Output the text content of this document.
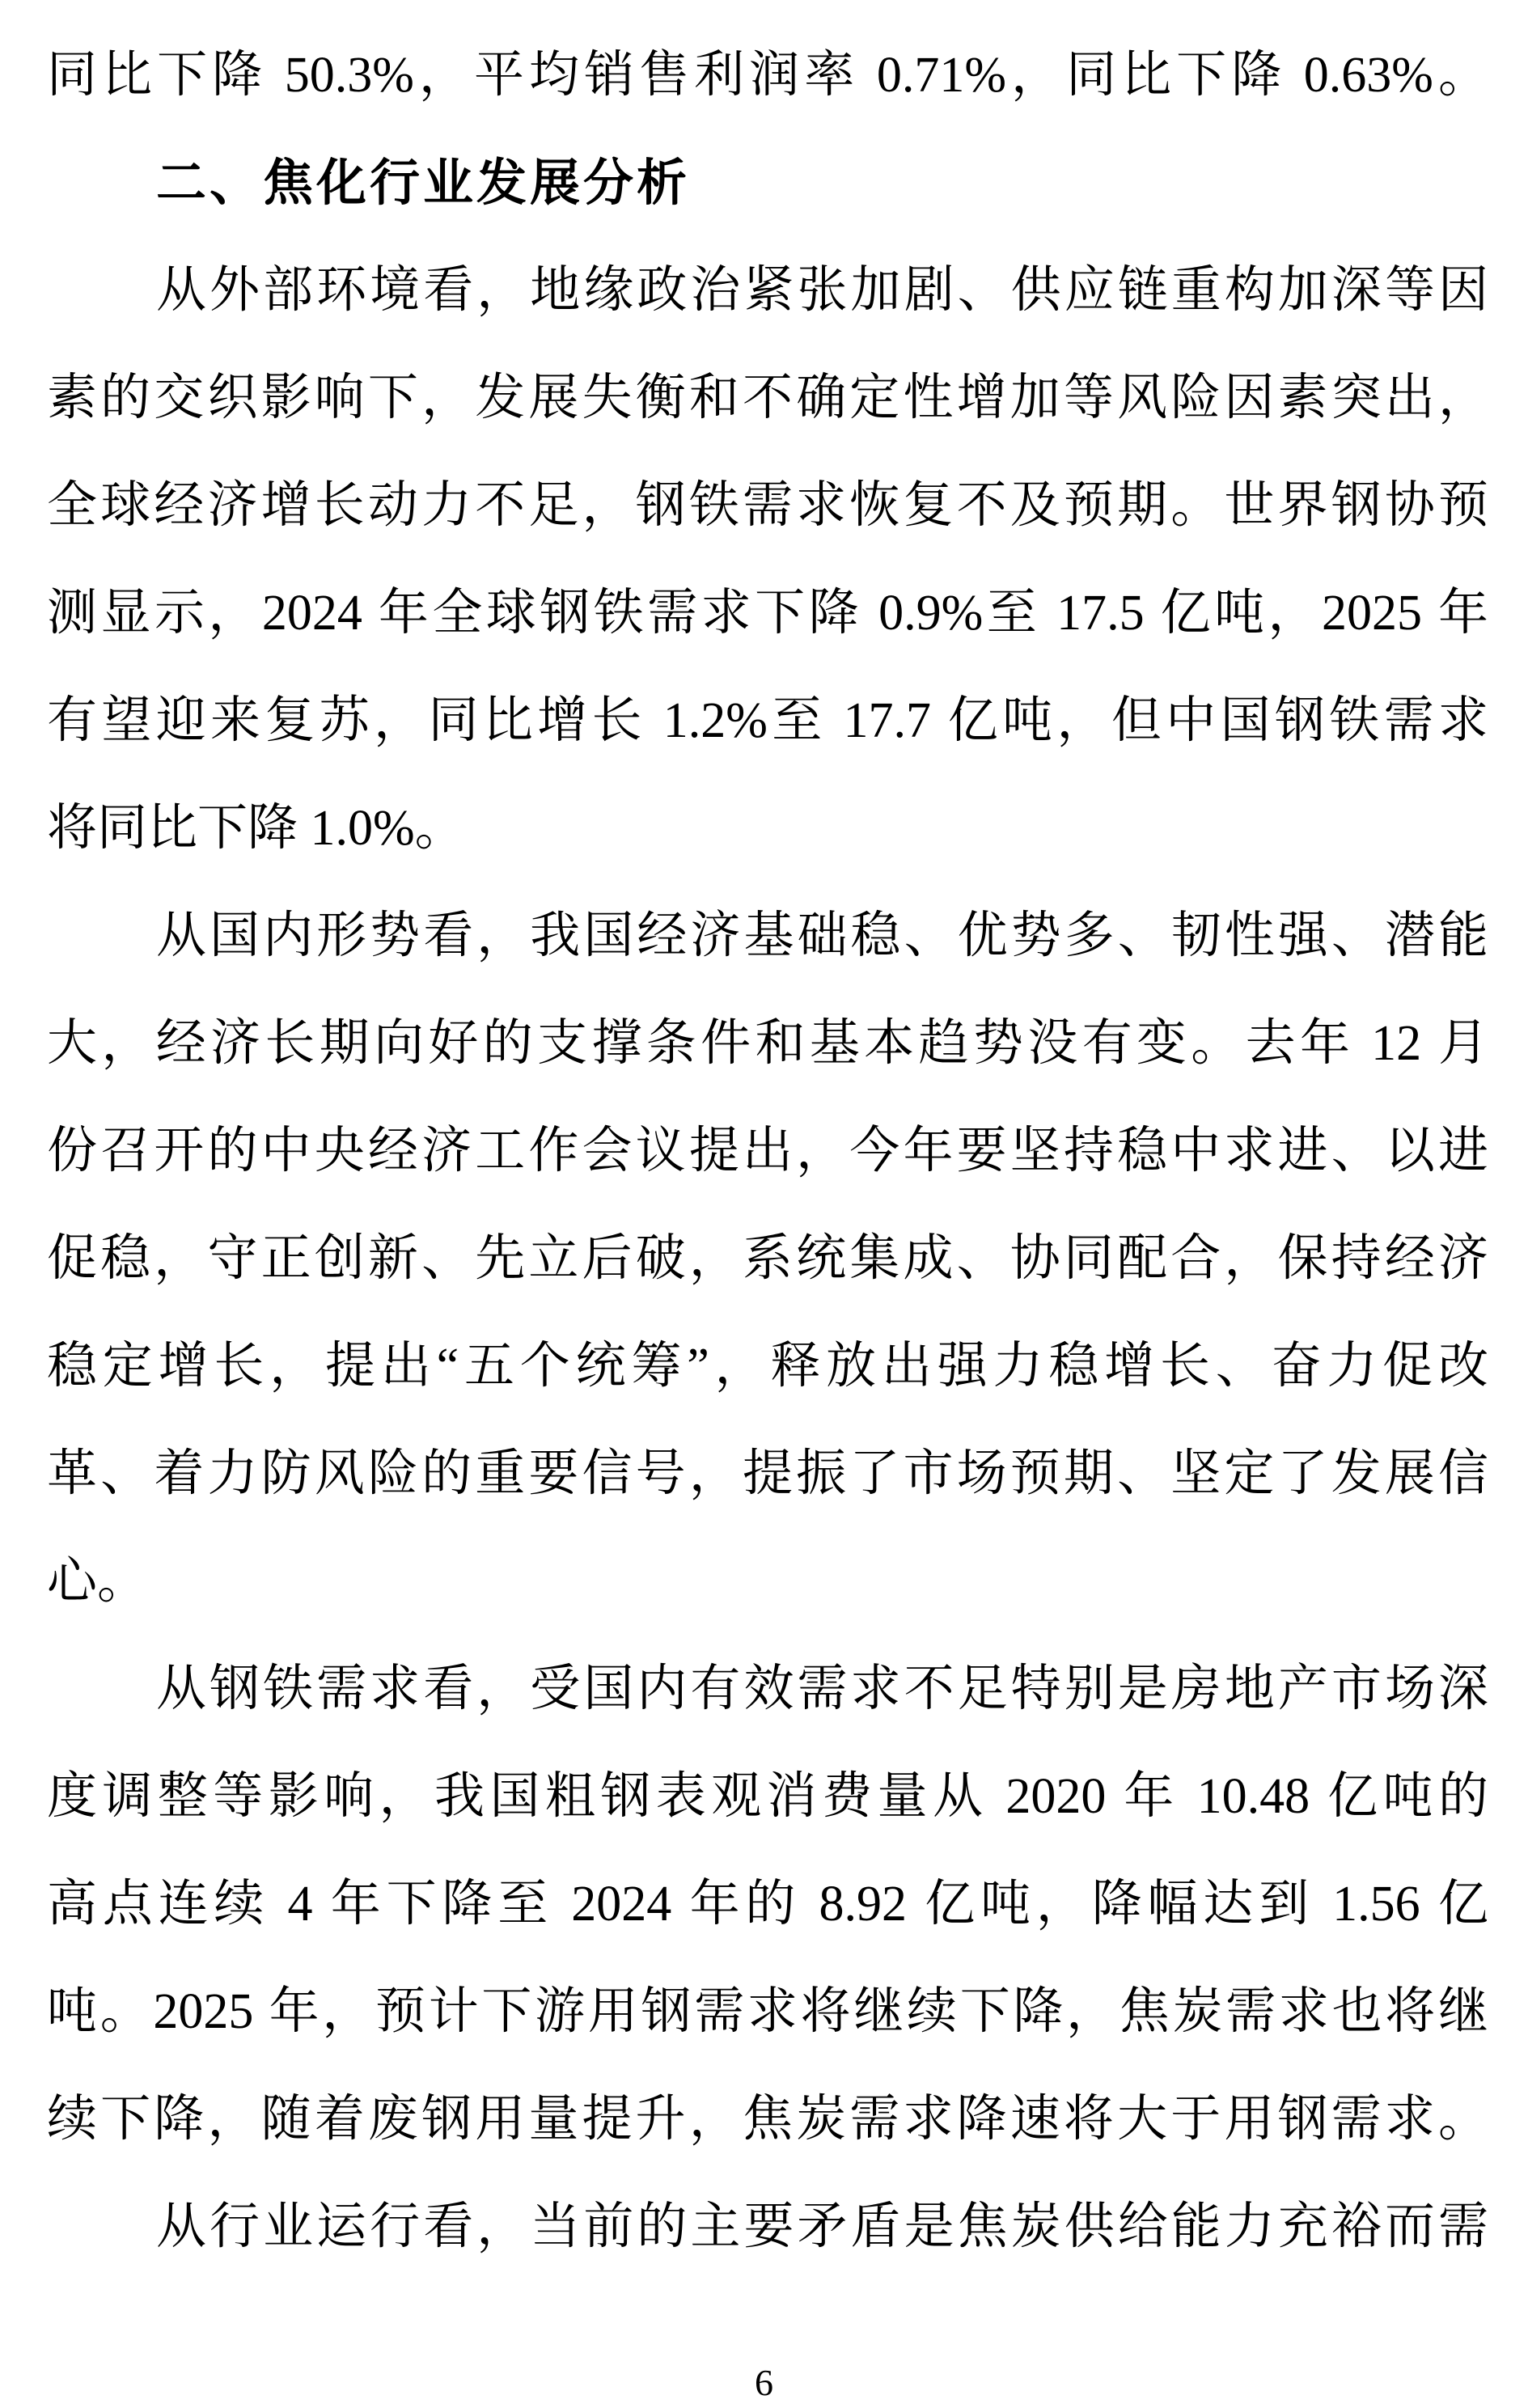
同比下降 50.3%，平均销售利润率 0.71%，同比下降 0.63%。

二、焦化行业发展分析

从外部环境看，地缘政治紧张加剧、供应链重构加深等因

素的交织影响下，发展失衡和不确定性增加等风险因素突出，

全球经济增长动力不足，钢铁需求恢复不及预期。世界钢协预

测显示，2024 年全球钢铁需求下降 0.9%至 17.5 亿吨，2025 年

有望迎来复苏，同比增长 1.2%至 17.7 亿吨，但中国钢铁需求

将同比下降 1.0%。

从国内形势看，我国经济基础稳、优势多、韧性强、潜能

大，经济长期向好的支撑条件和基本趋势没有变。去年 12 月

份召开的中央经济工作会议提出，今年要坚持稳中求进、以进

促稳，守正创新、先立后破，系统集成、协同配合，保持经济

稳定增长，提出“五个统筹”，释放出强力稳增长、奋力促改

革、着力防风险的重要信号，提振了市场预期、坚定了发展信

心。

从钢铁需求看，受国内有效需求不足特别是房地产市场深

度调整等影响，我国粗钢表观消费量从 2020 年 10.48 亿吨的

高点连续 4 年下降至 2024 年的 8.92 亿吨，降幅达到 1.56 亿

吨。2025 年，预计下游用钢需求将继续下降，焦炭需求也将继

续下降，随着废钢用量提升，焦炭需求降速将大于用钢需求。

从行业运行看，当前的主要矛盾是焦炭供给能力充裕而需

6
